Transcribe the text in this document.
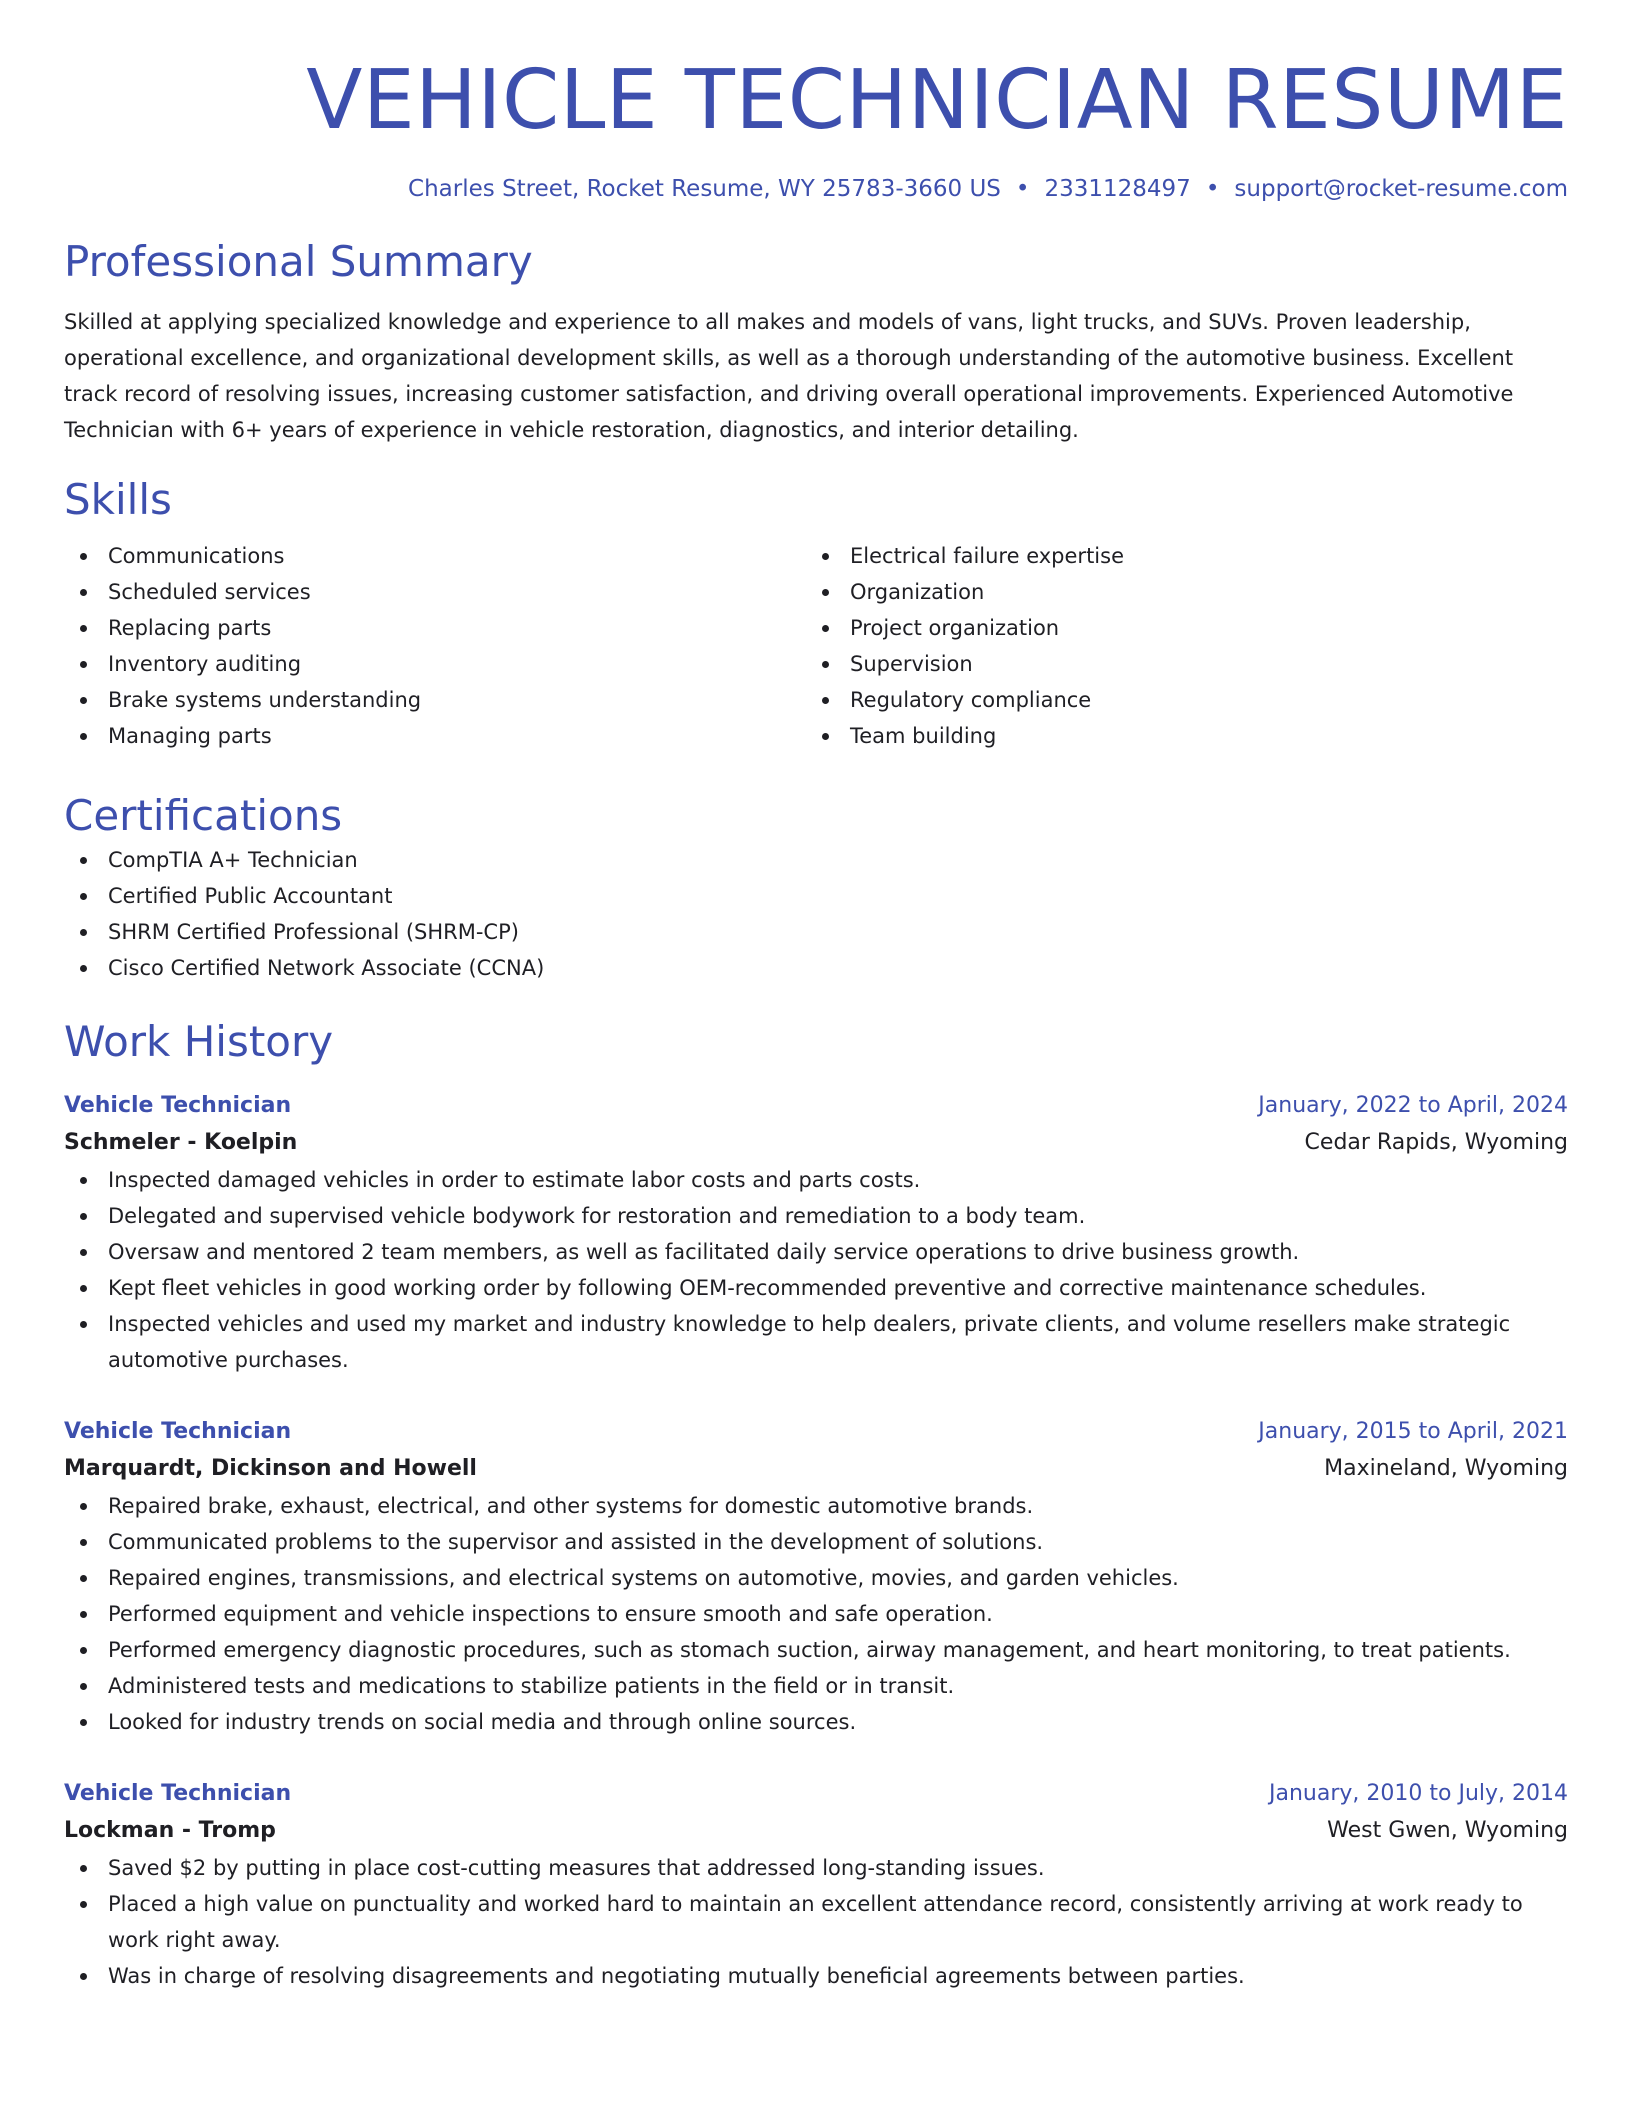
VEHICLE TECHNICIAN RESUME
Charles Street, Rocket Resume, WY 25783-3660 US • 2331128497 • support@rocket-resume.com
Professional Summary

Skilled at applying specialized knowledge and experience to all makes and models of vans, light trucks, and SUVs. Proven leadership, operational excellence, and organizational development skills, as well as a thorough understanding of the automotive business. Excellent track record of resolving issues, increasing customer satisfaction, and driving overall operational improvements. Experienced Automotive Technician with 6+ years of experience in vehicle restoration, diagnostics, and interior detailing.

Skills
Communications
Scheduled services
Replacing parts
Inventory auditing
Brake systems understanding
Managing parts
Electrical failure expertise
Organization
Project organization
Supervision
Regulatory compliance
Team building
Certifications
CompTIA A+ Technician
Certified Public Accountant
SHRM Certified Professional (SHRM-CP)
Cisco Certified Network Associate (CCNA)
Work History
Vehicle Technician	January, 2022 to April, 2024
Schmeler - Koelpin	Cedar Rapids, Wyoming
Inspected damaged vehicles in order to estimate labor costs and parts costs.
Delegated and supervised vehicle bodywork for restoration and remediation to a body team.
Oversaw and mentored 2 team members, as well as facilitated daily service operations to drive business growth.
Kept fleet vehicles in good working order by following OEM-recommended preventive and corrective maintenance schedules.
Inspected vehicles and used my market and industry knowledge to help dealers, private clients, and volume resellers make strategic automotive purchases.
Vehicle Technician	January, 2015 to April, 2021
Marquardt, Dickinson and Howell	Maxineland, Wyoming
Repaired brake, exhaust, electrical, and other systems for domestic automotive brands.
Communicated problems to the supervisor and assisted in the development of solutions.
Repaired engines, transmissions, and electrical systems on automotive, movies, and garden vehicles.
Performed equipment and vehicle inspections to ensure smooth and safe operation.
Performed emergency diagnostic procedures, such as stomach suction, airway management, and heart monitoring, to treat patients.
Administered tests and medications to stabilize patients in the field or in transit.
Looked for industry trends on social media and through online sources.
Vehicle Technician	January, 2010 to July, 2014
Lockman - Tromp	West Gwen, Wyoming
Saved $2 by putting in place cost-cutting measures that addressed long-standing issues.
Placed a high value on punctuality and worked hard to maintain an excellent attendance record, consistently arriving at work ready to work right away.
Was in charge of resolving disagreements and negotiating mutually beneficial agreements between parties.
